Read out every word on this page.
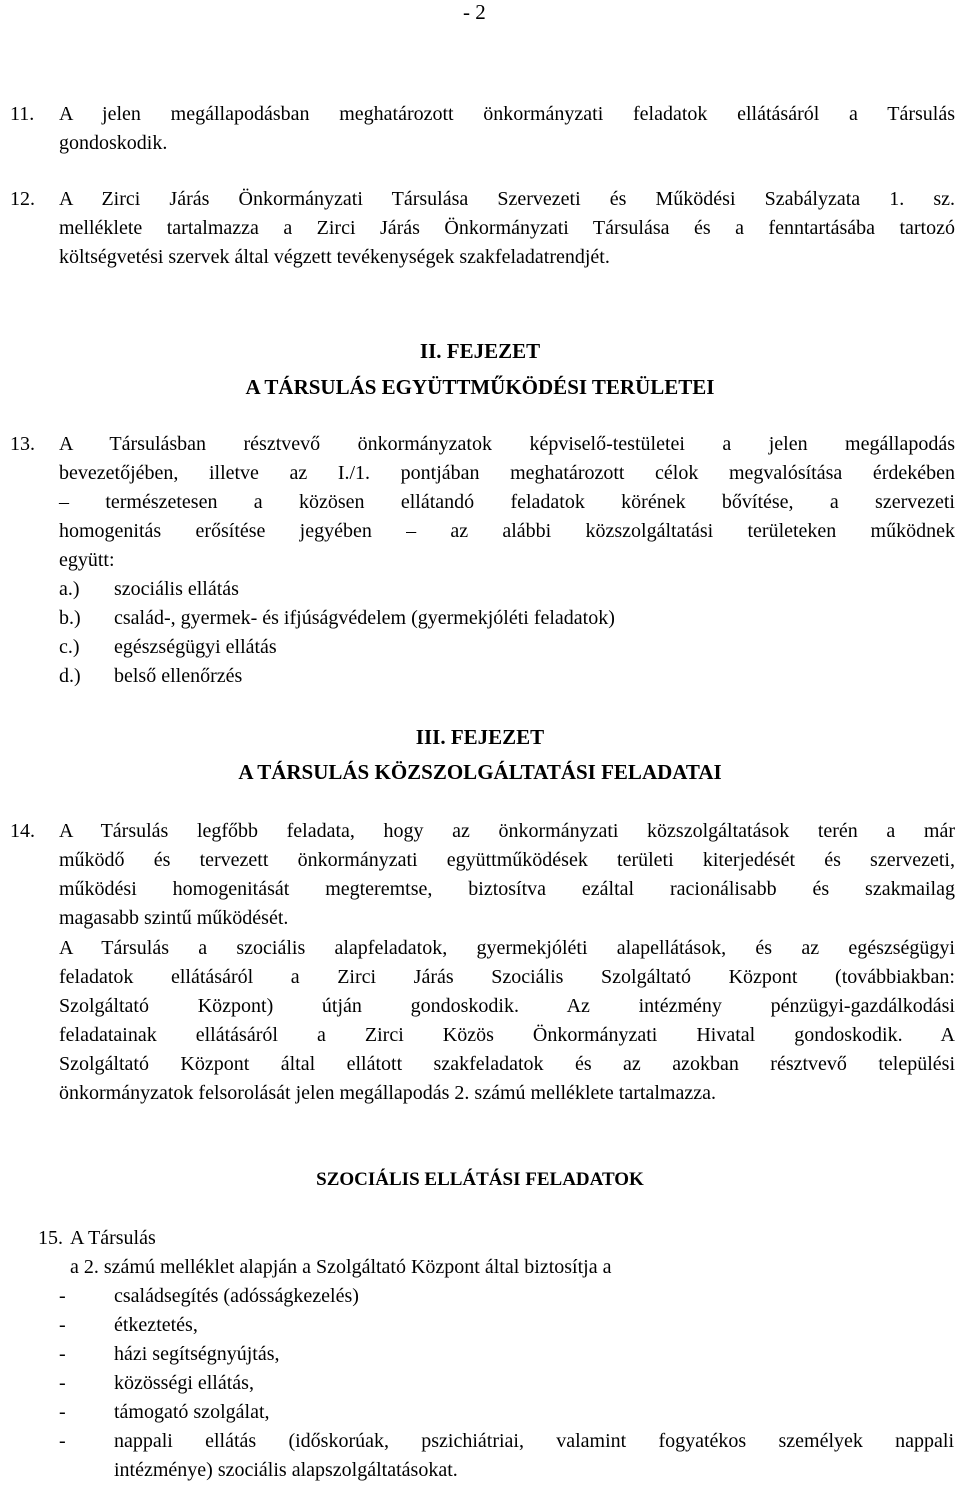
- 2
11. A jelen megállapodásban meghatározott önkormányzati feladatok ellátásáról a Társulás
gondoskodik.
12. A Zirci Járás Önkormányzati Társulása Szervezeti és Működési Szabályzata 1. sz.
melléklete tartalmazza a Zirci Járás Önkormányzati Társulása és a fenntartásába tartozó
költségvetési szervek által végzett tevékenységek szakfeladatrendjét.
II. FEJEZET
A TÁRSULÁS EGYÜTTMŰKÖDÉSI TERÜLETEI
13. A Társulásban résztvevő önkormányzatok képviselő-testületei a jelen megállapodás
bevezetőjében, illetve az I./1. pontjában meghatározott célok megvalósítása érdekében
– természetesen a közösen ellátandó feladatok körének bővítése, a szervezeti
homogenitás erősítése jegyében – az alábbi közszolgáltatási területeken működnek
együtt:
a.) szociális ellátás
b.) család-, gyermek- és ifjúságvédelem (gyermekjóléti feladatok)
c.) egészségügyi ellátás
d.) belső ellenőrzés
III. FEJEZET
A TÁRSULÁS KÖZSZOLGÁLTATÁSI FELADATAI
14. A Társulás legfőbb feladata, hogy az önkormányzati közszolgáltatások terén a már
működő és tervezett önkormányzati együttműködések területi kiterjedését és szervezeti,
működési homogenitását megteremtse, biztosítva ezáltal racionálisabb és szakmailag
magasabb szintű működését.
A Társulás a szociális alapfeladatok, gyermekjóléti alapellátások, és az egészségügyi
feladatok ellátásáról a Zirci Járás Szociális Szolgáltató Központ (továbbiakban:
Szolgáltató Központ) útján gondoskodik. Az intézmény pénzügyi-gazdálkodási
feladatainak ellátásáról a Zirci Közös Önkormányzati Hivatal gondoskodik. A
Szolgáltató Központ által ellátott szakfeladatok és az azokban résztvevő települési
önkormányzatok felsorolását jelen megállapodás 2. számú melléklete tartalmazza.
SZOCIÁLIS ELLÁTÁSI FELADATOK
15. A Társulás
a 2. számú melléklet alapján a Szolgáltató Központ által biztosítja a
- családsegítés (adósságkezelés)
- étkeztetés,
- házi segítségnyújtás,
- közösségi ellátás,
- támogató szolgálat,
- nappali ellátás (időskorúak, pszichiátriai, valamint fogyatékos személyek nappali
intézménye) szociális alapszolgáltatásokat.
